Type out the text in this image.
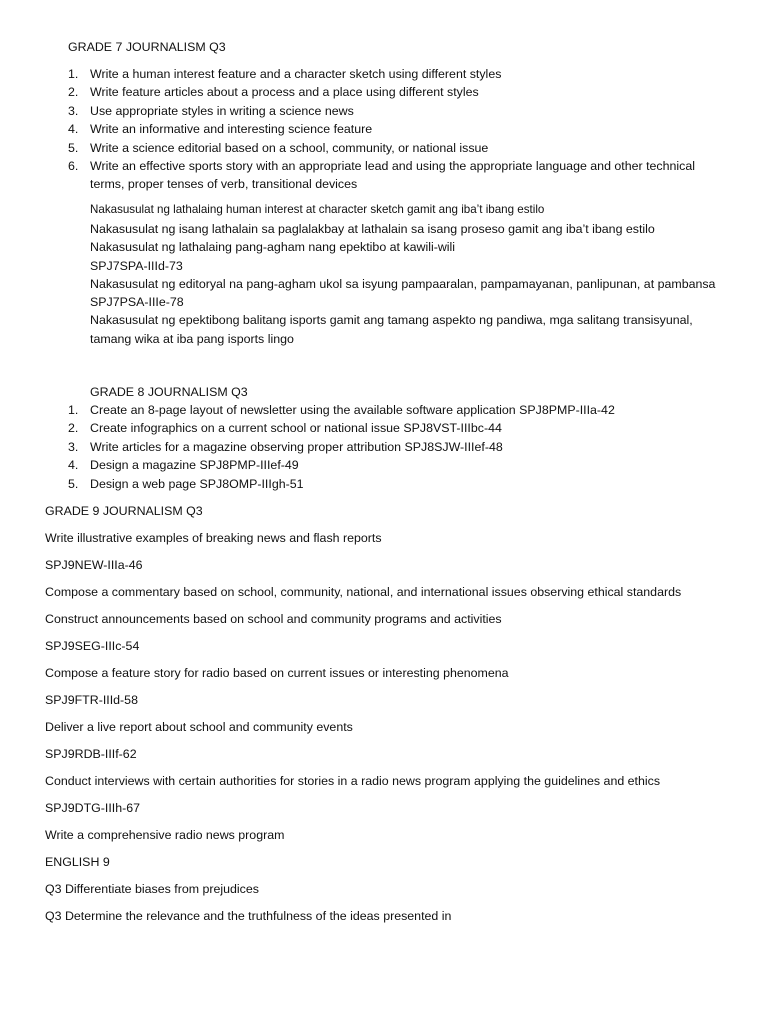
GRADE 7 JOURNALISM Q3
1. Write a human interest feature and a character sketch using different styles
2. Write feature articles about a process and a place using different styles
3. Use appropriate styles in writing a science news
4. Write an informative and interesting science feature
5. Write a science editorial based on a school, community, or national issue
6. Write an effective sports story with an appropriate lead and using the appropriate language and other technical terms, proper tenses of verb, transitional devices

Nakasusulat ng lathalaing human interest at character sketch gamit ang iba’t ibang estilo

Nakasusulat ng isang lathalain sa paglalakbay at lathalain sa isang proseso gamit ang iba’t ibang estilo

Nakasusulat ng lathalaing pang-agham nang epektibo at kawili-wili

SPJ7SPA-IIId-73

Nakasusulat ng editoryal na pang-agham ukol sa isyung pampaaralan, pampamayanan, panlipunan, at pambansa

SPJ7PSA-IIIe-78

Nakasusulat ng epektibong balitang isports gamit ang tamang aspekto ng pandiwa, mga salitang transisyunal, tamang wika at iba pang isports lingo

GRADE 8 JOURNALISM Q3
1. Create an 8-page layout of newsletter using the available software application SPJ8PMP-IIIa-42
2. Create infographics on a current school or national issue SPJ8VST-IIIbc-44
3. Write articles for a magazine observing proper attribution SPJ8SJW-IIIef-48
4. Design a magazine SPJ8PMP-IIIef-49
5. Design a web page SPJ8OMP-IIIgh-51

GRADE 9 JOURNALISM Q3

Write illustrative examples of breaking news and flash reports

SPJ9NEW-IIIa-46

Compose a commentary based on school, community, national, and international issues observing ethical standards

Construct announcements based on school and community programs and activities

SPJ9SEG-IIIc-54

Compose a feature story for radio based on current issues or interesting phenomena

SPJ9FTR-IIId-58

Deliver a live report about school and community events

SPJ9RDB-IIIf-62

Conduct interviews with certain authorities for stories in a radio news program applying the guidelines and ethics

SPJ9DTG-IIIh-67

Write a comprehensive radio news program

ENGLISH 9

Q3 Differentiate biases from prejudices

Q3 Determine the relevance and the truthfulness of the ideas presented in
